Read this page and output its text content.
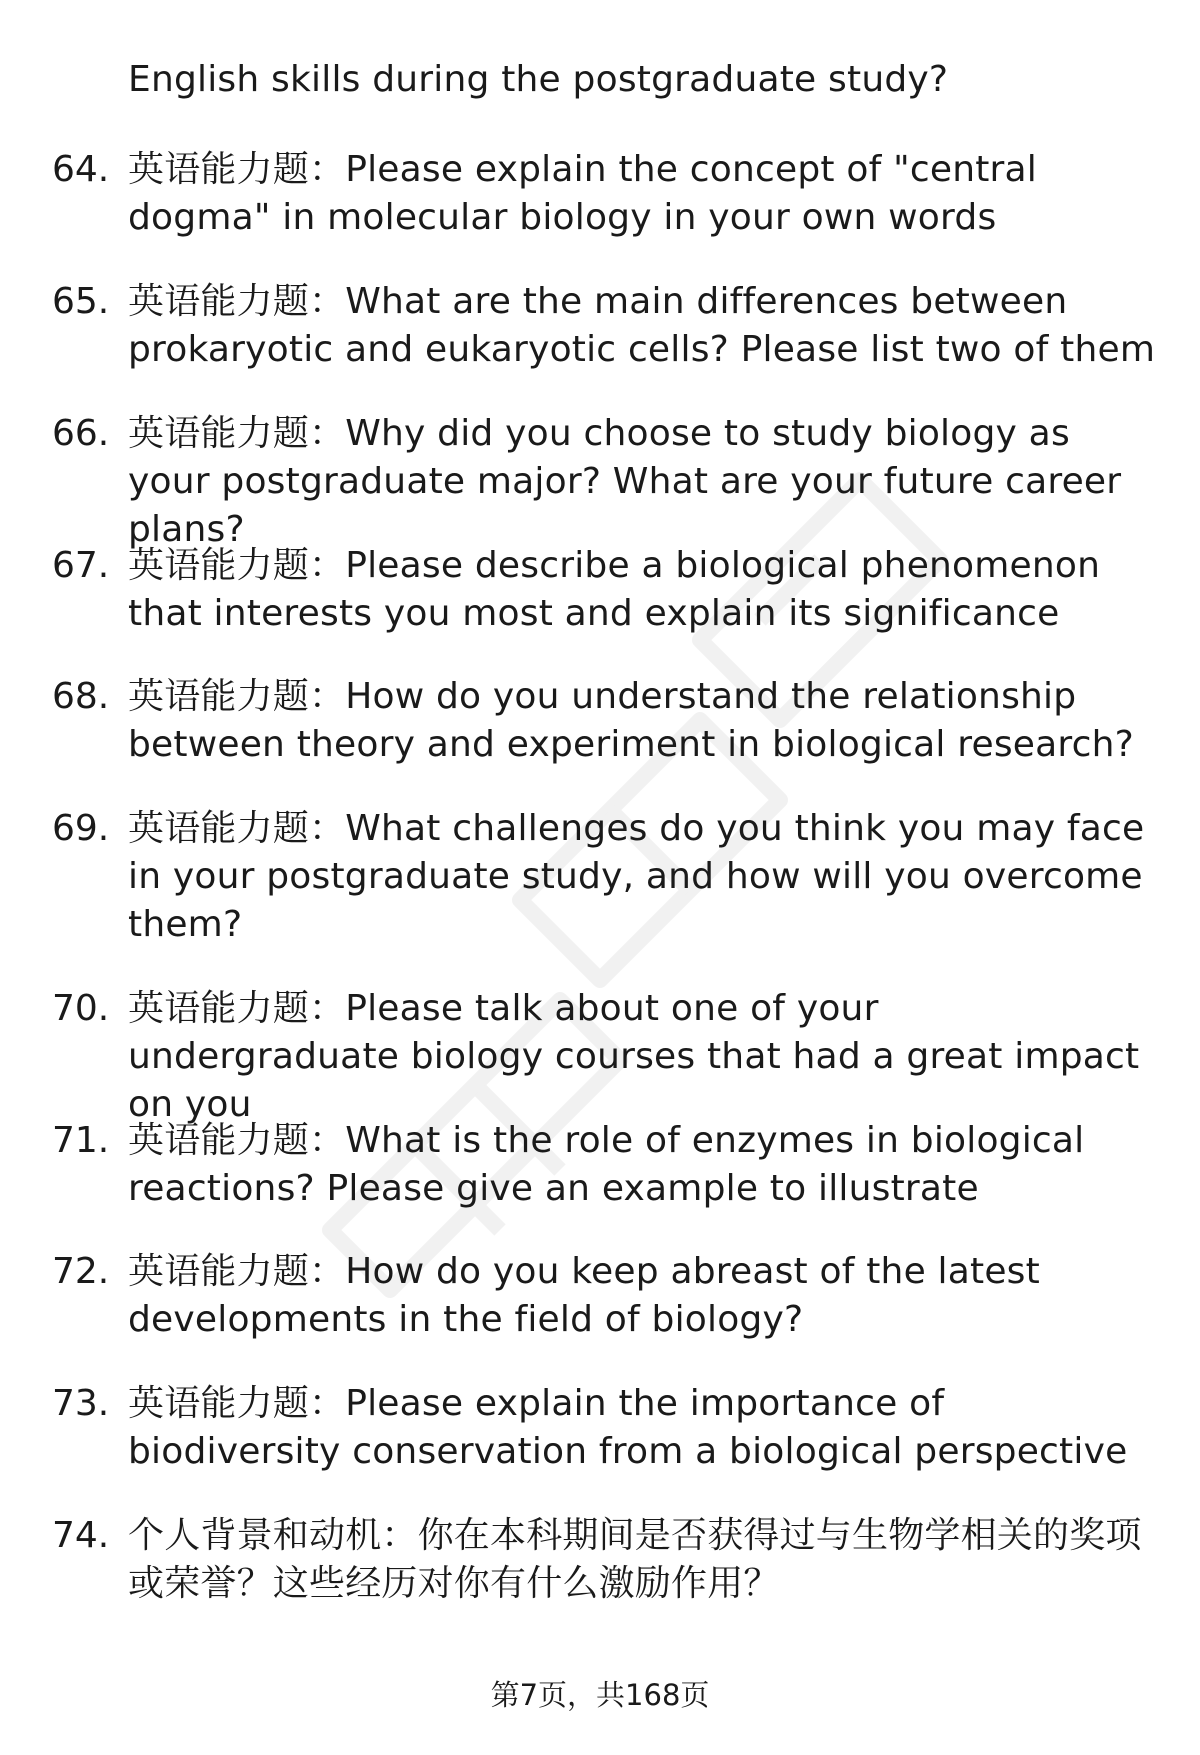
English skills during the postgraduate study?
64. 英语能力题：Please explain the concept of "central dogma" in molecular biology in your own words
65. 英语能力题：What are the main differences between prokaryotic and eukaryotic cells? Please list two of them
66. 英语能力题：Why did you choose to study biology as your postgraduate major? What are your future career plans?
67. 英语能力题：Please describe a biological phenomenon that interests you most and explain its significance
68. 英语能力题：How do you understand the relationship between theory and experiment in biological research?
69. 英语能力题：What challenges do you think you may face in your postgraduate study, and how will you overcome them?
70. 英语能力题：Please talk about one of your undergraduate biology courses that had a great impact on you
71. 英语能力题：What is the role of enzymes in biological reactions? Please give an example to illustrate
72. 英语能力题：How do you keep abreast of the latest developments in the field of biology?
73. 英语能力题：Please explain the importance of biodiversity conservation from a biological perspective
74. 个人背景和动机：你在本科期间是否获得过与生物学相关的奖项或荣誉？这些经历对你有什么激励作用？
第7页，共168页
